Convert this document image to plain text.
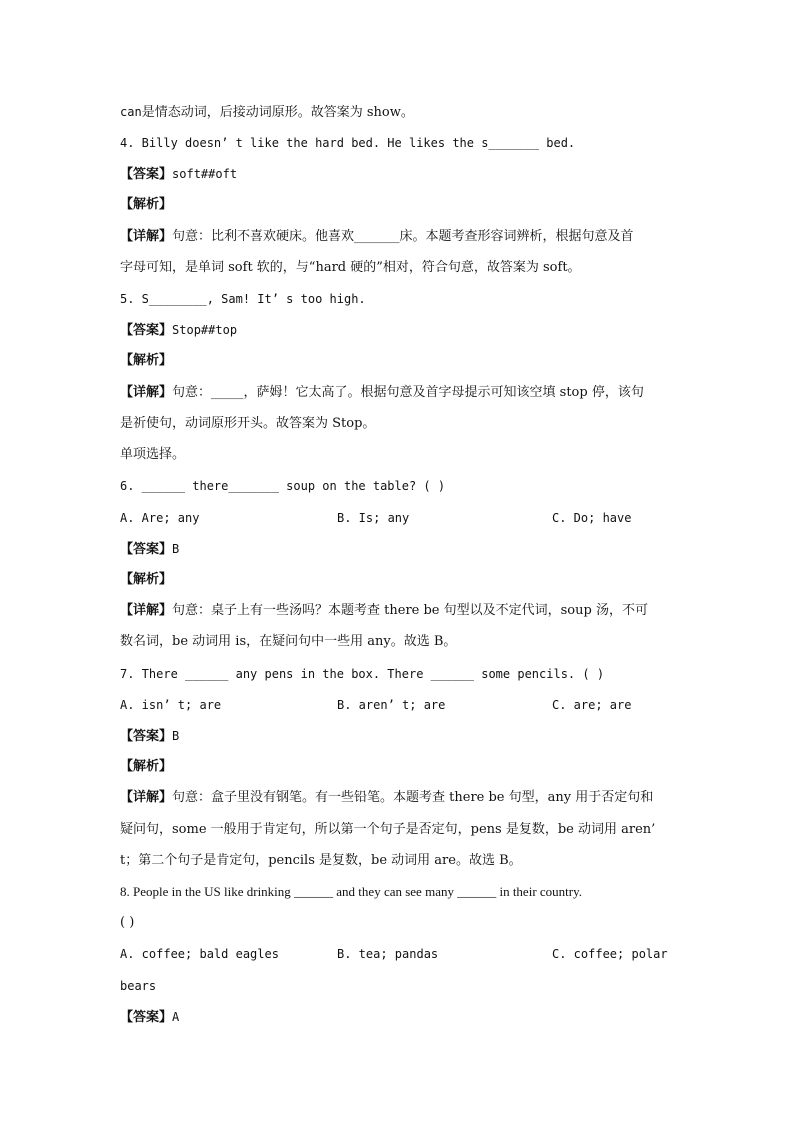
can是情态动词，后接动词原形。故答案为 show。
4. Billy doesn’ t like the hard bed. He likes the s_______ bed.
【答案】soft##oft
【解析】
【详解】句意：比利不喜欢硬床。他喜欢_______床。本题考查形容词辨析，根据句意及首
字母可知，是单词 soft 软的，与“hard 硬的”相对，符合句意，故答案为 soft。
5. S________, Sam! It’ s too high.
【答案】Stop##top
【解析】
【详解】句意：_____，萨姆！它太高了。根据句意及首字母提示可知该空填 stop 停，该句
是祈使句，动词原形开头。故答案为 Stop。
单项选择。
6. ______ there_______ soup on the table? ( )
A. Are; any	B. Is; any	C. Do; have
【答案】B
【解析】
【详解】句意：桌子上有一些汤吗？本题考查 there be 句型以及不定代词，soup 汤，不可
数名词，be 动词用 is，在疑问句中一些用 any。故选 B。
7. There ______ any pens in the box. There ______ some pencils. ( )
A. isn’ t; are	B. aren’ t; are	C. are; are
【答案】B
【解析】
【详解】句意：盒子里没有钢笔。有一些铅笔。本题考查 there be 句型，any 用于否定句和
疑问句，some 一般用于肯定句，所以第一个句子是否定句，pens 是复数，be 动词用 aren’
t；第二个句子是肯定句，pencils 是复数，be 动词用 are。故选 B。
8. People in the US like drinking ______ and they can see many ______ in their country.
( )
A. coffee; bald eagles	B. tea; pandas	C. coffee; polar
bears
【答案】A
